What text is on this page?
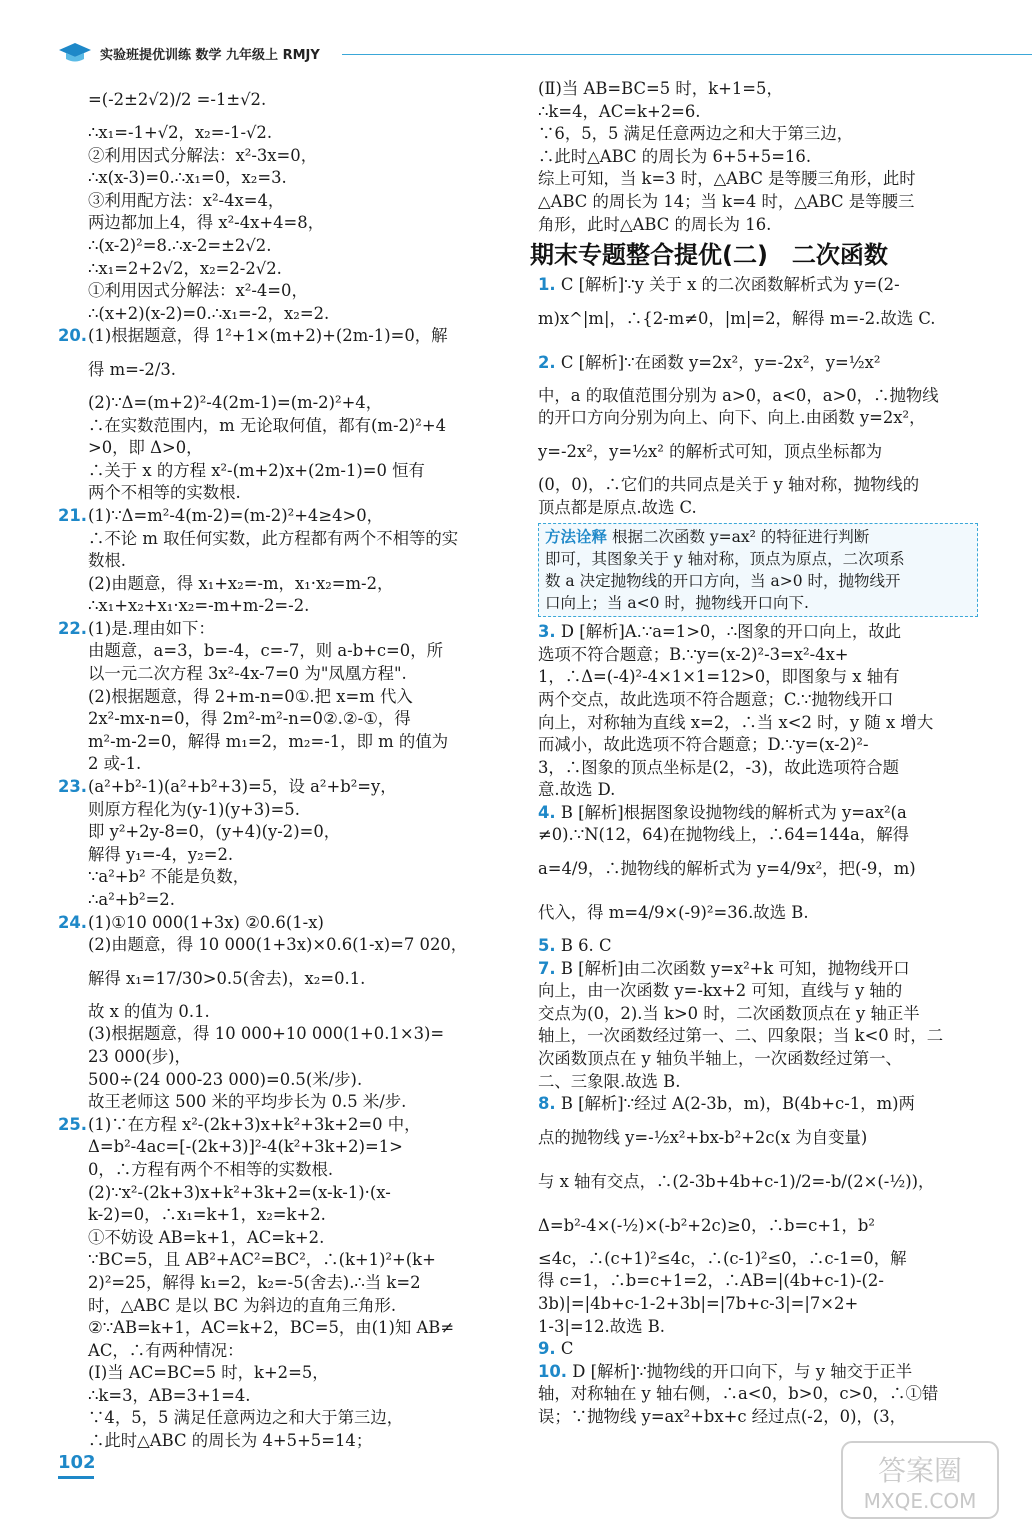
实验班提优训练 数学 九年级上 RMJY
=(-2±2√2)/2 =-1±√2.
∴x₁=-1+√2，x₂=-1-√2.
②利用因式分解法：x²-3x=0，
∴x(x-3)=0.∴x₁=0，x₂=3.
③利用配方法：x²-4x=4，
两边都加上4，得 x²-4x+4=8，
∴(x-2)²=8.∴x-2=±2√2.
∴x₁=2+2√2，x₂=2-2√2.
①利用因式分解法：x²-4=0，
∴(x+2)(x-2)=0.∴x₁=-2，x₂=2.
20.(1)根据题意，得 1²+1×(m+2)+(2m-1)=0，解
得 m=-2/3.
(2)∵Δ=(m+2)²-4(2m-1)=(m-2)²+4，
∴在实数范围内，m 无论取何值，都有(m-2)²+4
>0，即 Δ>0，
∴关于 x 的方程 x²-(m+2)x+(2m-1)=0 恒有
两个不相等的实数根.
21.(1)∵Δ=m²-4(m-2)=(m-2)²+4≥4>0，
∴不论 m 取任何实数，此方程都有两个不相等的实
数根.
(2)由题意，得 x₁+x₂=-m，x₁·x₂=m-2，
∴x₁+x₂+x₁·x₂=-m+m-2=-2.
22.(1)是.理由如下：
由题意，a=3，b=-4，c=-7，则 a-b+c=0，所
以一元二次方程 3x²-4x-7=0 为"凤凰方程".
(2)根据题意，得 2+m-n=0①.把 x=m 代入
2x²-mx-n=0，得 2m²-m²-n=0②.②-①，得
m²-m-2=0，解得 m₁=2，m₂=-1，即 m 的值为
2 或-1.
23.(a²+b²-1)(a²+b²+3)=5，设 a²+b²=y，
则原方程化为(y-1)(y+3)=5.
即 y²+2y-8=0，(y+4)(y-2)=0，
解得 y₁=-4，y₂=2.
∵a²+b² 不能是负数，
∴a²+b²=2.
24.(1)①10 000(1+3x) ②0.6(1-x)
(2)由题意，得 10 000(1+3x)×0.6(1-x)=7 020，
解得 x₁=17/30>0.5(舍去)，x₂=0.1.
故 x 的值为 0.1.
(3)根据题意，得 10 000+10 000(1+0.1×3)=
23 000(步)，
500÷(24 000-23 000)=0.5(米/步).
故王老师这 500 米的平均步长为 0.5 米/步.
25.(1)∵在方程 x²-(2k+3)x+k²+3k+2=0 中，
Δ=b²-4ac=[-(2k+3)]²-4(k²+3k+2)=1>
0，∴方程有两个不相等的实数根.
(2)∵x²-(2k+3)x+k²+3k+2=(x-k-1)·(x-
k-2)=0，∴x₁=k+1，x₂=k+2.
①不妨设 AB=k+1，AC=k+2.
∵BC=5，且 AB²+AC²=BC²，∴(k+1)²+(k+
2)²=25，解得 k₁=2，k₂=-5(舍去).∴当 k=2
时，△ABC 是以 BC 为斜边的直角三角形.
②∵AB=k+1，AC=k+2，BC=5，由(1)知 AB≠
AC，∴有两种情况：
(Ⅰ)当 AC=BC=5 时，k+2=5，
∴k=3，AB=3+1=4.
∵4，5，5 满足任意两边之和大于第三边，
∴此时△ABC 的周长为 4+5+5=14；
(Ⅱ)当 AB=BC=5 时，k+1=5，
∴k=4，AC=k+2=6.
∵6，5，5 满足任意两边之和大于第三边，
∴此时△ABC 的周长为 6+5+5=16.
综上可知，当 k=3 时，△ABC 是等腰三角形，此时
△ABC 的周长为 14；当 k=4 时，△ABC 是等腰三
角形，此时△ABC 的周长为 16.
期末专题整合提优(二)　二次函数
1. C [解析]∵y 关于 x 的二次函数解析式为 y=(2-
m)x^|m|，∴{2-m≠0，|m|=2，解得 m=-2.故选 C.
2. C [解析]∵在函数 y=2x²，y=-2x²，y=½x²
中，a 的取值范围分别为 a>0，a<0，a>0，∴抛物线
的开口方向分别为向上、向下、向上.由函数 y=2x²，
y=-2x²，y=½x² 的解析式可知，顶点坐标都为
(0，0)，∴它们的共同点是关于 y 轴对称，抛物线的
顶点都是原点.故选 C.
方法诠释 根据二次函数 y=ax² 的特征进行判断
即可，其图象关于 y 轴对称，顶点为原点，二次项系
数 a 决定抛物线的开口方向，当 a>0 时，抛物线开
口向上；当 a<0 时，抛物线开口向下.
3. D [解析]A.∵a=1>0，∴图象的开口向上，故此
选项不符合题意；B.∵y=(x-2)²-3=x²-4x+
1，∴Δ=(-4)²-4×1×1=12>0，即图象与 x 轴有
两个交点，故此选项不符合题意；C.∵抛物线开口
向上，对称轴为直线 x=2，∴当 x<2 时，y 随 x 增大
而减小，故此选项不符合题意；D.∵y=(x-2)²-
3，∴图象的顶点坐标是(2，-3)，故此选项符合题
意.故选 D.
4. B [解析]根据图象设抛物线的解析式为 y=ax²(a
≠0).∵N(12，64)在抛物线上，∴64=144a，解得
a=4/9，∴抛物线的解析式为 y=4/9x²，把(-9，m)
代入，得 m=4/9×(-9)²=36.故选 B.
5. B 6. C
7. B [解析]由二次函数 y=x²+k 可知，抛物线开口
向上，由一次函数 y=-kx+2 可知，直线与 y 轴的
交点为(0，2).当 k>0 时，二次函数顶点在 y 轴正半
轴上，一次函数经过第一、二、四象限；当 k<0 时，二
次函数顶点在 y 轴负半轴上，一次函数经过第一、
二、三象限.故选 B.
8. B [解析]∵经过 A(2-3b，m)，B(4b+c-1，m)两
点的抛物线 y=-½x²+bx-b²+2c(x 为自变量)
与 x 轴有交点，∴(2-3b+4b+c-1)/2=-b/(2×(-½))，
Δ=b²-4×(-½)×(-b²+2c)≥0，∴b=c+1，b²
≤4c，∴(c+1)²≤4c，∴(c-1)²≤0，∴c-1=0，解
得 c=1，∴b=c+1=2，∴AB=|(4b+c-1)-(2-
3b)|=|4b+c-1-2+3b|=|7b+c-3|=|7×2+
1-3|=12.故选 B.
9. C
10. D [解析]∵抛物线的开口向下，与 y 轴交于正半
轴，对称轴在 y 轴右侧，∴a<0，b>0，c>0，∴①错
误；∵抛物线 y=ax²+bx+c 经过点(-2，0)，(3，
102	答案圈
MXQE.COM
